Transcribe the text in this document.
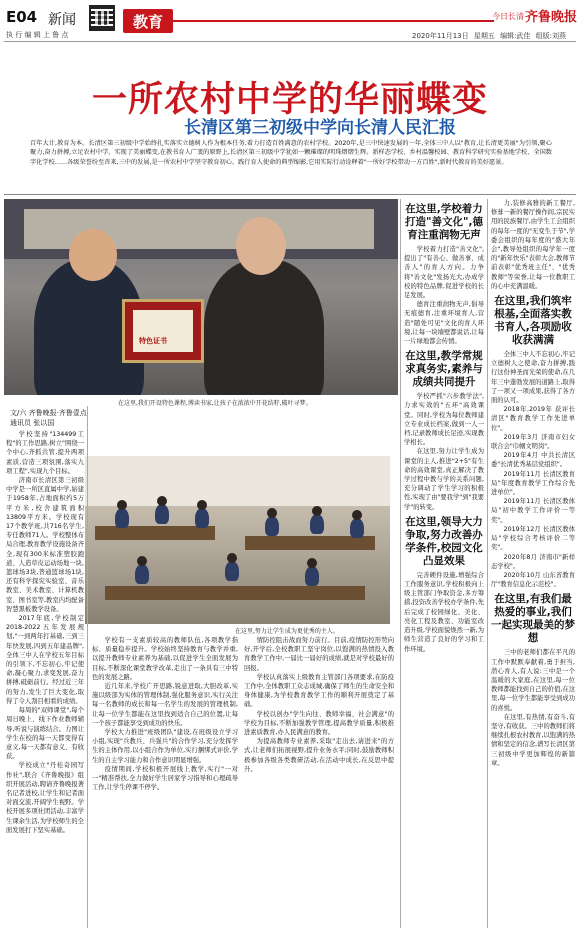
E04 新闻
执 行 编 辑 上 鲁 点
教育	今日长清 齐鲁晚报
2020年11月13日 星期五 编辑:武佳 组版:刘燕
一所农村中学的华丽蝶变
长清区第三初级中学向长清人民汇报

百年大计,教育为本。长清区第三初级中学始终扎实落实立德树人作为根本任务,着力打造百姓满意的农村学校。2020年,是三中快速发展的一年,全体三中人以"教育,让长清更美丽"为引领,聚心聚力,奋力拼搏,立足农村中学、实现了美丽蝶变,在教书育人广袤的原野上,长清区第三初级中学犹如一颗璀璨的明珠熠熠生辉。新样态学校、乡村温馨校园、教育科学研究实验基地学校、全国数字化学校……各级荣誉纷至沓来,三中的发展,是一所农村中学坚守教育初心、践行育人使命的典型缩影,它用实际行动诠释着"一所好学校带动一方百姓",新时代教育的美好愿景。

特色证书
在这里,我们开设特色课程,博读书家,让孩子在浓浓中开花结籽,破叶寻梦。
文/六 齐鲁晚报·齐鲁壹点
通讯员 张以国
在这里,努力让学生成为更优秀的主人。

学校坚持"134499工程"的工作思路,树立"围绕一个中心,齐抓共管,提升两项素质,营造三项氛围,落实九项工程",实现九个目标。

济南市长清区第三初级中学是一所区直属中学,始建于1958年,占地面积约5万平方米,校舍建筑面积13809平方米。学校现有17个教学班,共716名学生,专任教师71人。学校整体布局合理,教育教学设施设备齐全,现有300米标准塑胶跑道、人造草皮运动场地一块,篮球场3块,普通篮球场1块,还有科学探究实验室、音乐教室、美术教室、计算机教室、图书室等,教室内均配备智慧黑板教学设备。

2017年底,学校制定2018-2022五年发展规划,"一到两年打基础,三到三年快发展,四到五年建品牌",全体三中人在学校五年目标的引领下,不忘初心,牢记使命,凝心聚力,求变发展,奋力拼搏,砥砺前行。经过近三年的努力,发生了巨大变化,取得了令人刮目相看的成绩。

每周的"双师课堂",每个周日晚上、线下作业教师辅导,听说与演练结合。力图让学生在校的每一天都变得有意义,每一天都有意义、有收获。

学校成立"丹桂奇园写作社",联合《齐鲁晚报》组织开展活动,聘请齐鲁晚报著名记者进校,让学生和记者面对面交流,开阔学生视野。学校开展多项社团活动,丰富学生课余生活,为学校师生的全面发展打下坚实基础。

学校有一支素质较高的教师队伍,各项教学指标、质量稳步提升。学校始终坚持教育与教学并重,以提升教师专业素养为基础,以促进学生全面发展为目标,不断深化课堂教学改革,走出了一条具有三中特色的发展之路。

近几年来,学校广开思路,锐意进取,大胆改革,实施以级部为实体的管理体制,强化服务意识,实行关注每一名教师的成长和每一名学生的发展的管理机制,让每一位学生都能在这里找到适合自己的位置,让每一个孩子都能享受到成功的快乐。

学校大力推进"班级团队"建设,在班级设立学习小组,实现"兵教兵、兵强兵"的合作学习,充分发挥学生的主体作用,以小组合作为单位,实行捆绑式评价,学生的自主学习能力和合作意识明显增强。

疫情期间,学校积极开展线上教学,实行"一对一"精准帮扶,全力做好学生居家学习指导和心理疏导工作,让学生停课不停学。

情防控阻击战而努力前行。目前,疫情防控形势向好,开学后,全校教职工坚守岗位,以饱满的热情投入教育教学工作中,一届比一届好的成绩,就是对学校最好的回报。

学校认真落实上级教育主管部门各项要求,在防疫工作中,全体教职工众志成城,确保了师生的生命安全和身体健康,为学校教育教学工作的顺利开展奠定了基础。

学校以创办"学生向往、教师幸福、社会满意"的学校为目标,不断加强教学管理,提高教学质量,积极推进素质教育,办人民满意的教育。

为提高教师专业素养,采取"走出去,请进来"的方式,让老师们拓展视野,提升业务水平;同时,鼓励教师积极参加各级各类教研活动,在活动中成长,在反思中提升。

在这里,学校着力打造"善文化",德育注重润物无声

学校着力打造"善文化",提出了"有善心、做善事、成善人"的育人方向。力争将"善文化"发扬光大,办成学校的特色品牌,促进学校的长足发展。

德育注重润物无声,倡导无痕德育,注重环境育人,营造"随处可见"文化的育人环境,让每一块墙壁都说话,让每一片绿地都会传情。

在这里,教学常规求真务实,素养与成绩共同提升

学校严抓"六步教学法",力求实效的"五环"高效课堂。同时,学校为每位教师建立专业成长档案,做到一人一档,记录教师成长足迹,实现教学相长。

在这里,努力让学生成为课堂的主人,推进"2+5"有生命的高效课堂,真正解决了教学过程中教与学的关系问题,充分调动了学生学习的积极性,实现了由"要我学"到"我要学"的转变。

在这里,领导大力争取,努力改善办学条件,校园文化凸显效果

完善硬件设施,增强综合工作服务意识,学校积极向上级主管部门争取资金,多方筹措,投资改善学校办学条件,先后完成了校园绿化、美化、亮化工程及教室、功能室改造升级,学校面貌焕然一新,为师生营造了良好的学习和工作环境。

力,装修高雅的新工餐厅,修葺一新的餐厅操作间,宗民实用的民族餐厅,由学生工会组织的每年一度的"无变生于节",学委会组织的每年度的"盛大年会",教导处组织的每学年一度的"新年快乐"表彰大会,教师节前表彰"优秀班主任"、"优秀教师"等荣誉,让每一位教职工的心中充满温暖。

在这里,我们筑牢根基,全面落实教书育人,各项励收收获满满

全体三中人不忘初心,牢记立德树人之使命,奋力拼搏,践行这份神圣而光荣的使命,在几年三中蓬勃发展的道路上,取得了一项又一项成果,获得了各方面的认可。

2018年,2019年 获评长清区"教育教学工作先进单位"。

2019年3月 济南市妇女联合会"巾帼文明岗"。

2019年4月 中共长清区委"长清优秀基层党组织"。

2019年11月 长清区教育局"年度教育教学工作综合先进单位"。

2019年11月 长清区教体局"初中教学工作评价一等奖"。

2019年12月 长清区教体局"学校综合考核评价二等奖"。

2020年8月 济南市"新样态学校"。

2020年10月 山东省教育厅"教育信息化示范校"。

在这里,有我们最热爱的事业,我们一起实现最美的梦想

三中的老师们都在平凡的工作中默默奉献着,勇于担当,潜心育人,有人说:三中是一个温暖的大家庭,在这里,每一位教师都能找到自己的价值,在这里,每一位学生都能享受到成功的喜悦。

在这里,有热情,有奋斗,有坚守,有收获。三中的教师们将继续扎根农村教育,以饱满的热情和坚定的信念,谱写长清区第三初级中学更加辉煌的新篇章。
